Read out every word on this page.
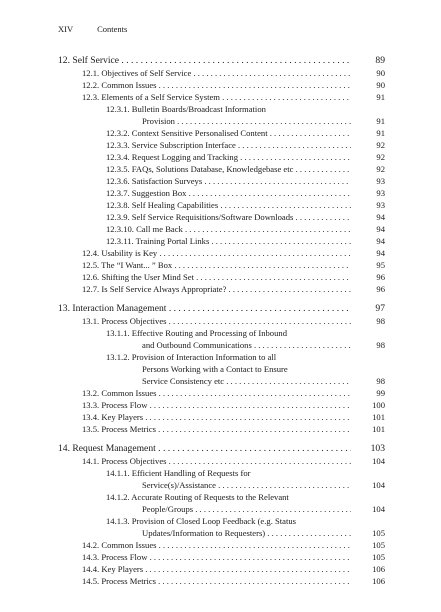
XIV	Contents
12. Self Service . . .	89
12.1. Objectives of Self Service . . .	90
12.2. Common Issues . . .	90
12.3. Elements of a Self Service System . . .	91
12.3.1. Bulletin Boards/Broadcast Information
Provision . . .	91
12.3.2. Context Sensitive Personalised Content . . .	91
12.3.3. Service Subscription Interface . . .	92
12.3.4. Request Logging and Tracking . . .	92
12.3.5. FAQs, Solutions Database, Knowledgebase etc . . .	92
12.3.6. Satisfaction Surveys . . .	93
12.3.7. Suggestion Box . . .	93
12.3.8. Self Healing Capabilities . . .	93
12.3.9. Self Service Requisitions/Software Downloads . . .	94
12.3.10. Call me Back . . .	94
12.3.11. Training Portal Links . . .	94
12.4. Usability is Key . . .	94
12.5. The “I Want... ” Box . . .	95
12.6. Shifting the User Mind Set . . .	96
12.7. Is Self Service Always Appropriate? . . .	96
13. Interaction Management . . .	97
13.1. Process Objectives . . .	98
13.1.1. Effective Routing and Processing of Inbound
and Outbound Communications . . .	98
13.1.2. Provision of Interaction Information to all
Persons Working with a Contact to Ensure
Service Consistency etc . . .	98
13.2. Common Issues . . .	99
13.3. Process Flow . . .	100
13.4. Key Players . . .	101
13.5. Process Metrics . . .	101
14. Request Management . . .	103
14.1. Process Objectives . . .	104
14.1.1. Efficient Handling of Requests for
Service(s)/Assistance . . .	104
14.1.2. Accurate Routing of Requests to the Relevant
People/Groups . . .	104
14.1.3. Provision of Closed Loop Feedback (e.g. Status
Updates/Information to Requesters) . . .	105
14.2. Common Issues . . .	105
14.3. Process Flow . . .	105
14.4. Key Players . . .	106
14.5. Process Metrics . . .	106
